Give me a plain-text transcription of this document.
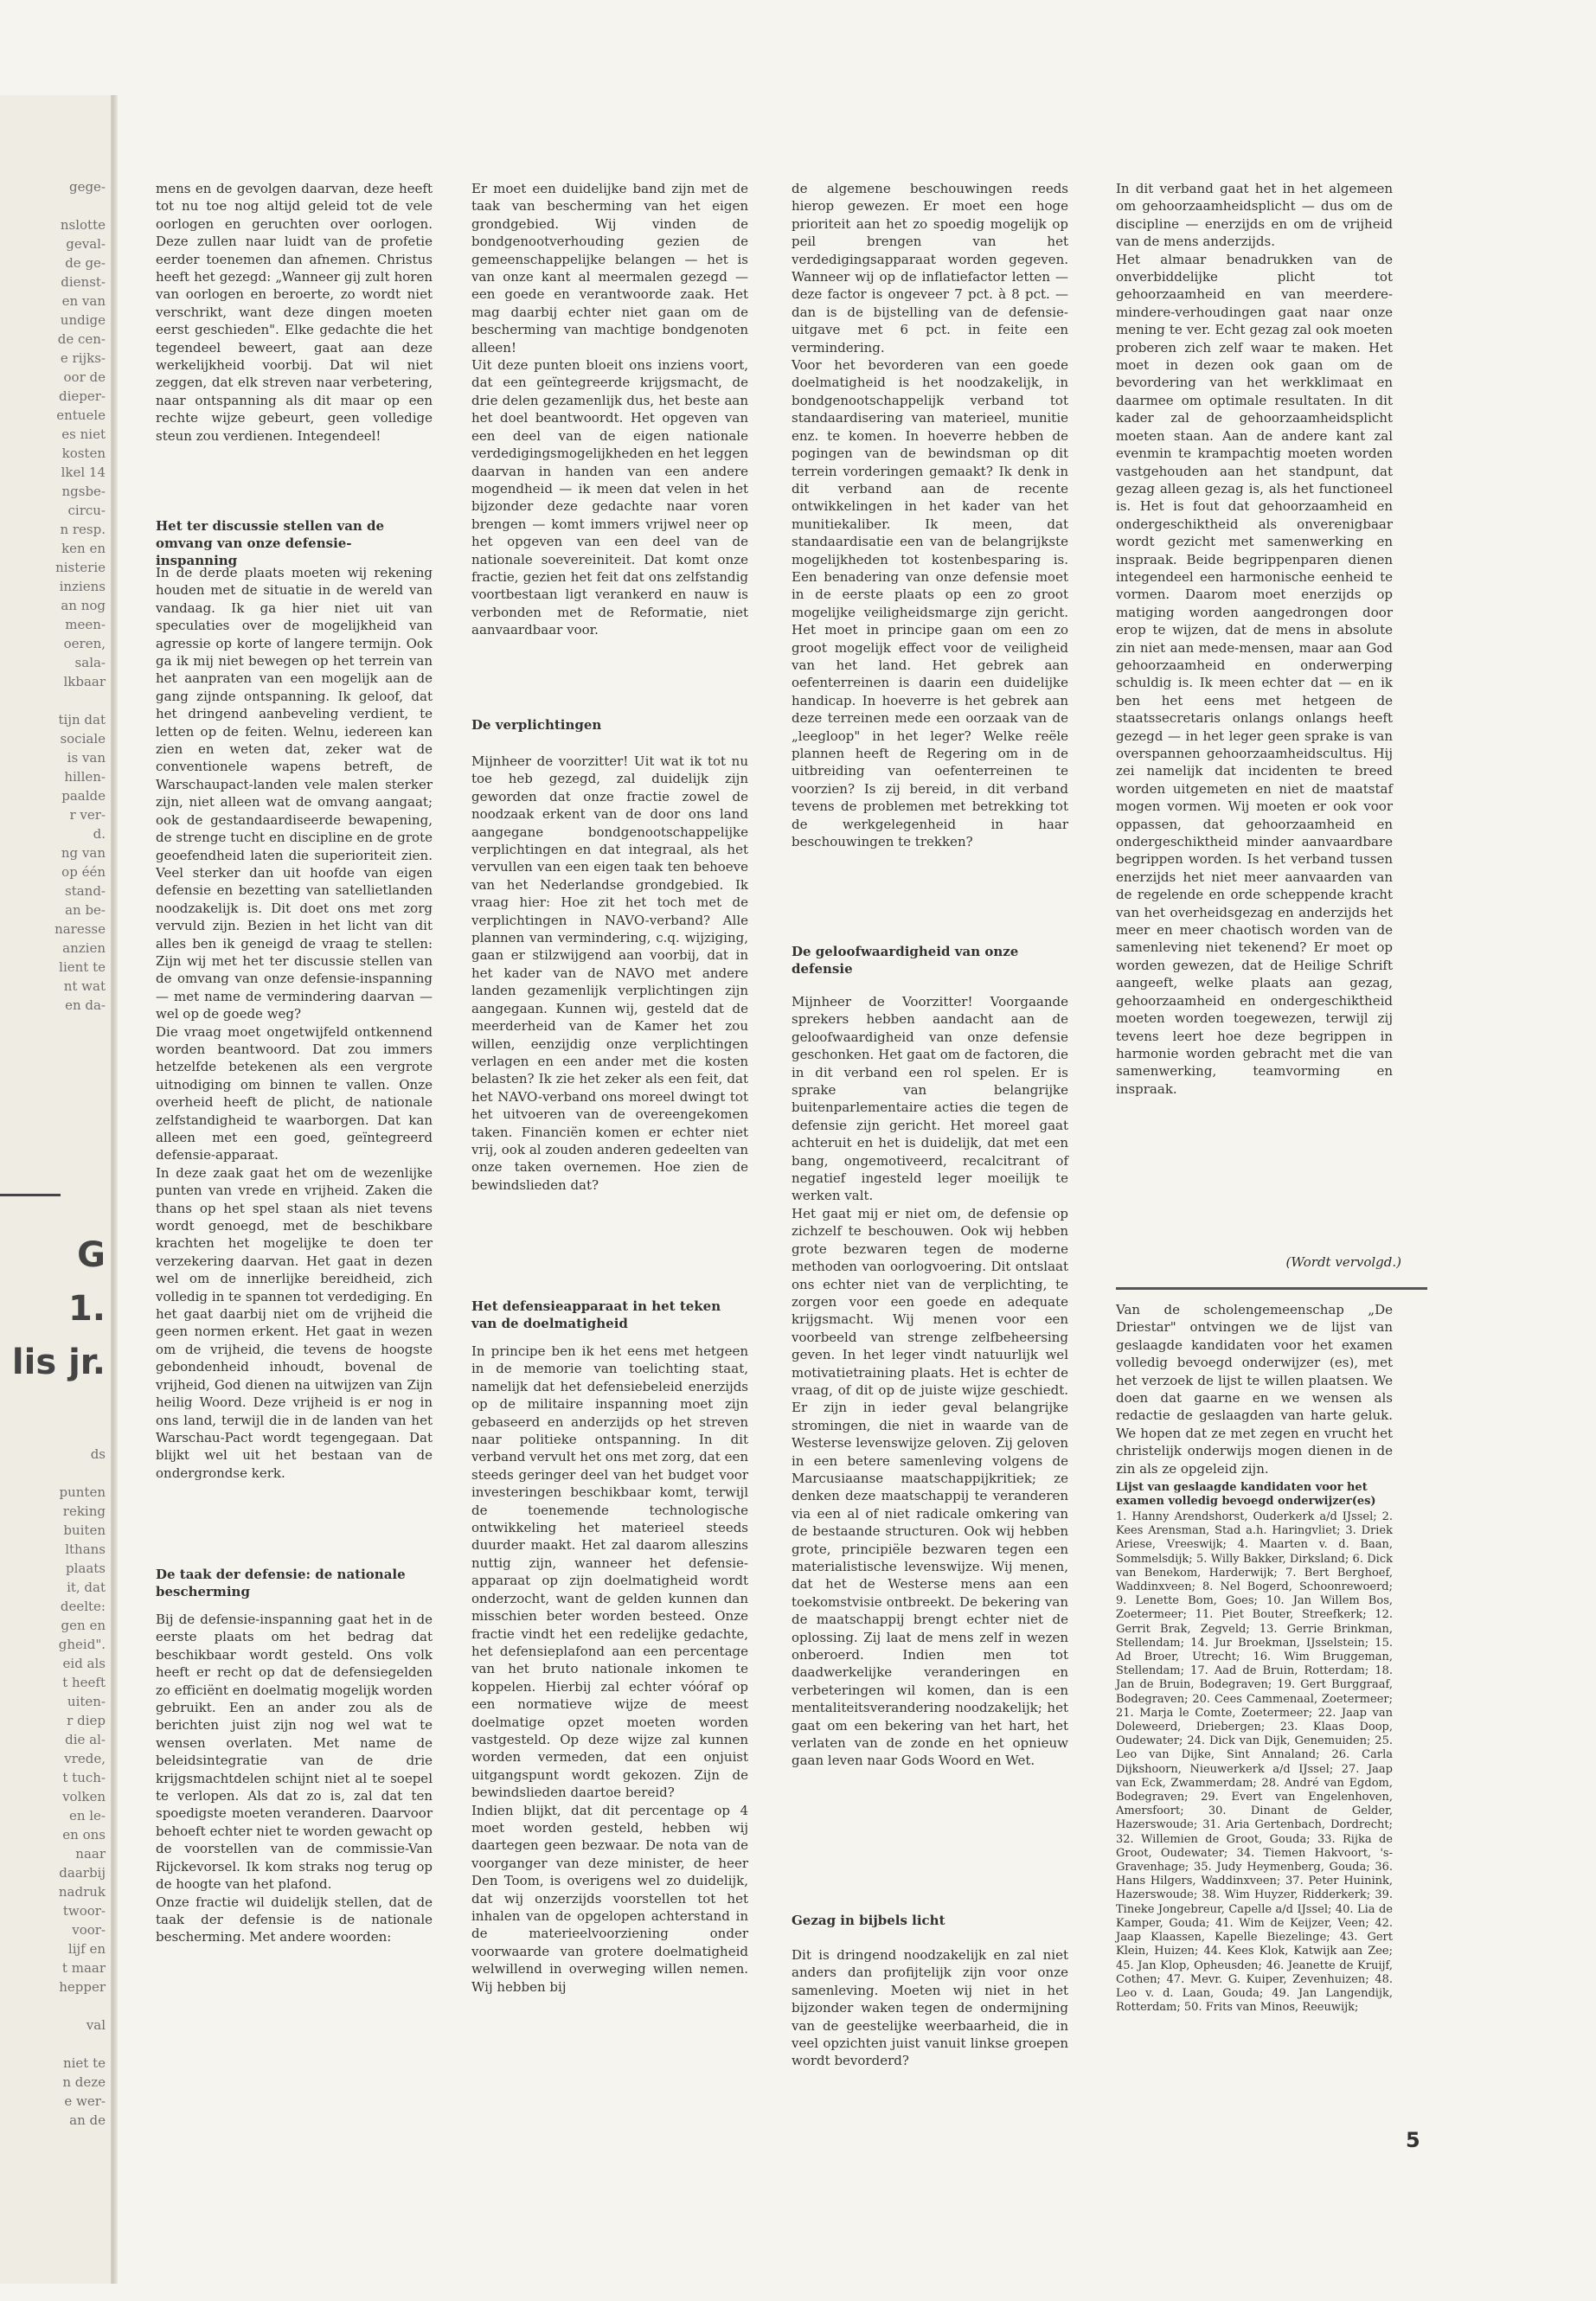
gege-

nslotte
geval-
de ge-
dienst-
en van
undige
de cen-
e rijks-
oor de
dieper-
entuele
es niet
kosten
lkel 14
ngsbe-
circu-
n resp.
ken en
nisterie
inziens
an nog
meen-
oeren,
sala-
lkbaar

tijn dat
sociale
is van
hillen-
paalde
r ver-
d.
ng van
op één
stand-
an be-
naresse
anzien
lient te
nt wat
en da-
G
1.
lis jr.
ds

punten
reking
buiten
lthans
plaats
it, dat
deelte:
gen en
gheid".
eid als
t heeft
uiten-
r diep
die al-
vrede,
t tuch-
volken
en le-
en ons
naar
daarbij
nadruk
twoor-
voor-
lijf en
t maar
hepper

val

niet te
n deze
e wer-
an de
mens en de gevolgen daarvan, deze heeft tot nu toe nog altijd geleid tot de vele oorlogen en geruchten over oorlogen. Deze zullen naar luidt van de profetie eerder toenemen dan afnemen. Christus heeft het gezegd: „Wanneer gij zult horen van oorlogen en beroerte, zo wordt niet verschrikt, want deze dingen moeten eerst geschieden". Elke gedachte die het tegendeel beweert, gaat aan deze werkelijkheid voorbij. Dat wil niet zeggen, dat elk streven naar verbetering, naar ontspanning als dit maar op een rechte wijze gebeurt, geen volledige steun zou verdienen. Integendeel!
Het ter discussie stellen van de omvang van onze defensie-inspanning
In de derde plaats moeten wij rekening houden met de situatie in de wereld van vandaag. Ik ga hier niet uit van speculaties over de mogelijkheid van agressie op korte of langere termijn. Ook ga ik mij niet bewegen op het terrein van het aanpraten van een mogelijk aan de gang zijnde ontspanning. Ik geloof, dat het dringend aanbeveling verdient, te letten op de feiten. Welnu, iedereen kan zien en weten dat, zeker wat de conventionele wapens betreft, de Warschaupact-landen vele malen sterker zijn, niet alleen wat de omvang aangaat; ook de gestandaardiseerde bewapening, de strenge tucht en discipline en de grote geoefendheid laten die superioriteit zien. Veel sterker dan uit hoofde van eigen defensie en bezetting van satellietlanden noodzakelijk is. Dit doet ons met zorg vervuld zijn. Bezien in het licht van dit alles ben ik geneigd de vraag te stellen: Zijn wij met het ter discussie stellen van de omvang van onze defensie-inspanning — met name de vermindering daarvan — wel op de goede weg?
Die vraag moet ongetwijfeld ontkennend worden beantwoord. Dat zou immers hetzelfde betekenen als een vergrote uitnodiging om binnen te vallen. Onze overheid heeft de plicht, de nationale zelfstandigheid te waarborgen. Dat kan alleen met een goed, geïntegreerd defensie-apparaat.
In deze zaak gaat het om de wezenlijke punten van vrede en vrijheid. Zaken die thans op het spel staan als niet tevens wordt genoegd, met de beschikbare krachten het mogelijke te doen ter verzekering daarvan. Het gaat in dezen wel om de innerlijke bereidheid, zich volledig in te spannen tot verdediging. En het gaat daarbij niet om de vrijheid die geen normen erkent. Het gaat in wezen om de vrijheid, die tevens de hoogste gebondenheid inhoudt, bovenal de vrijheid, God dienen na uitwijzen van Zijn heilig Woord. Deze vrijheid is er nog in ons land, terwijl die in de landen van het Warschau-Pact wordt tegengegaan. Dat blijkt wel uit het bestaan van de ondergrondse kerk.
De taak der defensie: de nationale bescherming
Bij de defensie-inspanning gaat het in de eerste plaats om het bedrag dat beschikbaar wordt gesteld. Ons volk heeft er recht op dat de defensiegelden zo efficiënt en doelmatig mogelijk worden gebruikt. Een an ander zou als de berichten juist zijn nog wel wat te wensen overlaten. Met name de beleidsintegratie van de drie krijgsmachtdelen schijnt niet al te soepel te verlopen. Als dat zo is, zal dat ten spoedigste moeten veranderen. Daarvoor behoeft echter niet te worden gewacht op de voorstellen van de commissie-Van Rijckevorsel. Ik kom straks nog terug op de hoogte van het plafond.
Onze fractie wil duidelijk stellen, dat de taak der defensie is de nationale bescherming. Met andere woorden:
Er moet een duidelijke band zijn met de taak van bescherming van het eigen grondgebied. Wij vinden de bondgenootverhouding gezien de gemeenschappelijke belangen — het is van onze kant al meermalen gezegd — een goede en verantwoorde zaak. Het mag daarbij echter niet gaan om de bescherming van machtige bondgenoten alleen!
Uit deze punten bloeit ons inziens voort, dat een geïntegreerde krijgsmacht, de drie delen gezamenlijk dus, het beste aan het doel beantwoordt. Het opgeven van een deel van de eigen nationale verdedigingsmogelijkheden en het leggen daarvan in handen van een andere mogendheid — ik meen dat velen in het bijzonder deze gedachte naar voren brengen — komt immers vrijwel neer op het opgeven van een deel van de nationale soevereiniteit. Dat komt onze fractie, gezien het feit dat ons zelfstandig voortbestaan ligt verankerd en nauw is verbonden met de Reformatie, niet aanvaardbaar voor.
De verplichtingen
Mijnheer de voorzitter! Uit wat ik tot nu toe heb gezegd, zal duidelijk zijn geworden dat onze fractie zowel de noodzaak erkent van de door ons land aangegane bondgenootschappelijke verplichtingen en dat integraal, als het vervullen van een eigen taak ten behoeve van het Nederlandse grondgebied. Ik vraag hier: Hoe zit het toch met de verplichtingen in NAVO-verband? Alle plannen van vermindering, c.q. wijziging, gaan er stilzwijgend aan voorbij, dat in het kader van de NAVO met andere landen gezamenlijk verplichtingen zijn aangegaan. Kunnen wij, gesteld dat de meerderheid van de Kamer het zou willen, eenzijdig onze verplichtingen verlagen en een ander met die kosten belasten? Ik zie het zeker als een feit, dat het NAVO-verband ons moreel dwingt tot het uitvoeren van de overeengekomen taken. Financiën komen er echter niet vrij, ook al zouden anderen gedeelten van onze taken overnemen. Hoe zien de bewindslieden dat?
Het defensieapparaat in het teken van de doelmatigheid
In principe ben ik het eens met hetgeen in de memorie van toelichting staat, namelijk dat het defensiebeleid enerzijds op de militaire inspanning moet zijn gebaseerd en anderzijds op het streven naar politieke ontspanning. In dit verband vervult het ons met zorg, dat een steeds geringer deel van het budget voor investeringen beschikbaar komt, terwijl de toenemende technologische ontwikkeling het materieel steeds duurder maakt. Het zal daarom alleszins nuttig zijn, wanneer het defensie-apparaat op zijn doelmatigheid wordt onderzocht, want de gelden kunnen dan misschien beter worden besteed. Onze fractie vindt het een redelijke gedachte, het defensieplafond aan een percentage van het bruto nationale inkomen te koppelen. Hierbij zal echter vóóraf op een normatieve wijze de meest doelmatige opzet moeten worden vastgesteld. Op deze wijze zal kunnen worden vermeden, dat een onjuist uitgangspunt wordt gekozen. Zijn de bewindslieden daartoe bereid?
Indien blijkt, dat dit percentage op 4 moet worden gesteld, hebben wij daartegen geen bezwaar. De nota van de voorganger van deze minister, de heer Den Toom, is overigens wel zo duidelijk, dat wij onzerzijds voorstellen tot het inhalen van de opgelopen achterstand in de materieelvoorziening onder voorwaarde van grotere doelmatigheid welwillend in overweging willen nemen. Wij hebben bij
de algemene beschouwingen reeds hierop gewezen. Er moet een hoge prioriteit aan het zo spoedig mogelijk op peil brengen van het verdedigingsapparaat worden gegeven. Wanneer wij op de inflatiefactor letten — deze factor is ongeveer 7 pct. à 8 pct. — dan is de bijstelling van de defensie-uitgave met 6 pct. in feite een vermindering.
Voor het bevorderen van een goede doelmatigheid is het noodzakelijk, in bondgenootschappelijk verband tot standaardisering van materieel, munitie enz. te komen. In hoeverre hebben de pogingen van de bewindsman op dit terrein vorderingen gemaakt? Ik denk in dit verband aan de recente ontwikkelingen in het kader van het munitiekaliber. Ik meen, dat standaardisatie een van de belangrijkste mogelijkheden tot kostenbesparing is. Een benadering van onze defensie moet in de eerste plaats op een zo groot mogelijke veiligheidsmarge zijn gericht. Het moet in principe gaan om een zo groot mogelijk effect voor de veiligheid van het land. Het gebrek aan oefenterreinen is daarin een duidelijke handicap. In hoeverre is het gebrek aan deze terreinen mede een oorzaak van de „leegloop" in het leger? Welke reële plannen heeft de Regering om in de uitbreiding van oefenterreinen te voorzien? Is zij bereid, in dit verband tevens de problemen met betrekking tot de werkgelegenheid in haar beschouwingen te trekken?
De geloofwaardigheid van onze defensie
Mijnheer de Voorzitter! Voorgaande sprekers hebben aandacht aan de geloofwaardigheid van onze defensie geschonken. Het gaat om de factoren, die in dit verband een rol spelen. Er is sprake van belangrijke buitenparlementaire acties die tegen de defensie zijn gericht. Het moreel gaat achteruit en het is duidelijk, dat met een bang, ongemotiveerd, recalcitrant of negatief ingesteld leger moeilijk te werken valt.
Het gaat mij er niet om, de defensie op zichzelf te beschouwen. Ook wij hebben grote bezwaren tegen de moderne methoden van oorlogvoering. Dit ontslaat ons echter niet van de verplichting, te zorgen voor een goede en adequate krijgsmacht. Wij menen voor een voorbeeld van strenge zelfbeheersing geven. In het leger vindt natuurlijk wel motivatietraining plaats. Het is echter de vraag, of dit op de juiste wijze geschiedt. Er zijn in ieder geval belangrijke stromingen, die niet in waarde van de Westerse levenswijze geloven. Zij geloven in een betere samenleving volgens de Marcusiaanse maatschappijkritiek; ze denken deze maatschappij te veranderen via een al of niet radicale omkering van de bestaande structuren. Ook wij hebben grote, principiële bezwaren tegen een materialistische levenswijze. Wij menen, dat het de Westerse mens aan een toekomstvisie ontbreekt. De bekering van de maatschappij brengt echter niet de oplossing. Zij laat de mens zelf in wezen onberoerd. Indien men tot daadwerkelijke veranderingen en verbeteringen wil komen, dan is een mentaliteitsverandering noodzakelijk; het gaat om een bekering van het hart, het verlaten van de zonde en het opnieuw gaan leven naar Gods Woord en Wet.
Gezag in bijbels licht
Dit is dringend noodzakelijk en zal niet anders dan profijtelijk zijn voor onze samenleving. Moeten wij niet in het bijzonder waken tegen de ondermijning van de geestelijke weerbaarheid, die in veel opzichten juist vanuit linkse groepen wordt bevorderd?
In dit verband gaat het in het algemeen om gehoorzaamheidsplicht — dus om de discipline — enerzijds en om de vrijheid van de mens anderzijds.
Het almaar benadrukken van de onverbiddelijke plicht tot gehoorzaamheid en van meerdere-mindere-verhoudingen gaat naar onze mening te ver. Echt gezag zal ook moeten proberen zich zelf waar te maken. Het moet in dezen ook gaan om de bevordering van het werkklimaat en daarmee om optimale resultaten. In dit kader zal de gehoorzaamheidsplicht moeten staan. Aan de andere kant zal evenmin te krampachtig moeten worden vastgehouden aan het standpunt, dat gezag alleen gezag is, als het functioneel is. Het is fout dat gehoorzaamheid en ondergeschiktheid als onverenigbaar wordt gezicht met samenwerking en inspraak. Beide begrippenparen dienen integendeel een harmonische eenheid te vormen. Daarom moet enerzijds op matiging worden aangedrongen door erop te wijzen, dat de mens in absolute zin niet aan mede-mensen, maar aan God gehoorzaamheid en onderwerping schuldig is. Ik meen echter dat — en ik ben het eens met hetgeen de staatssecretaris onlangs onlangs heeft gezegd — in het leger geen sprake is van overspannen gehoorzaamheidscultus. Hij zei namelijk dat incidenten te breed worden uitgemeten en niet de maatstaf mogen vormen. Wij moeten er ook voor oppassen, dat gehoorzaamheid en ondergeschiktheid minder aanvaardbare begrippen worden. Is het verband tussen enerzijds het niet meer aanvaarden van de regelende en orde scheppende kracht van het overheidsgezag en anderzijds het meer en meer chaotisch worden van de samenleving niet tekenend? Er moet op worden gewezen, dat de Heilige Schrift aangeeft, welke plaats aan gezag, gehoorzaamheid en ondergeschiktheid moeten worden toegewezen, terwijl zij tevens leert hoe deze begrippen in harmonie worden gebracht met die van samenwerking, teamvorming en inspraak.
(Wordt vervolgd.)
Van de scholengemeenschap „De Driestar" ontvingen we de lijst van geslaagde kandidaten voor het examen volledig bevoegd onderwijzer (es), met het verzoek de lijst te willen plaatsen. We doen dat gaarne en we wensen als redactie de geslaagden van harte geluk. We hopen dat ze met zegen en vrucht het christelijk onderwijs mogen dienen in de zin als ze opgeleid zijn.
Lijst van geslaagde kandidaten voor het examen volledig bevoegd onderwijzer(es)
1. Hanny Arendshorst, Ouderkerk a/d IJssel; 2. Kees Arensman, Stad a.h. Haringvliet; 3. Driek Ariese, Vreeswijk; 4. Maarten v. d. Baan, Sommelsdijk; 5. Willy Bakker, Dirksland; 6. Dick van Benekom, Harderwijk; 7. Bert Berghoef, Waddinxveen; 8. Nel Bogerd, Schoonrewoerd; 9. Lenette Bom, Goes; 10. Jan Willem Bos, Zoetermeer; 11. Piet Bouter, Streefkerk; 12. Gerrit Brak, Zegveld; 13. Gerrie Brinkman, Stellendam; 14. Jur Broekman, IJsselstein; 15. Ad Broer, Utrecht; 16. Wim Bruggeman, Stellendam; 17. Aad de Bruin, Rotterdam; 18. Jan de Bruin, Bodegraven; 19. Gert Burggraaf, Bodegraven; 20. Cees Cammenaal, Zoetermeer; 21. Marja le Comte, Zoetermeer; 22. Jaap van Doleweerd, Driebergen; 23. Klaas Doop, Oudewater; 24. Dick van Dijk, Genemuiden; 25. Leo van Dijke, Sint Annaland; 26. Carla Dijkshoorn, Nieuwerkerk a/d IJssel; 27. Jaap van Eck, Zwammerdam; 28. André van Egdom, Bodegraven; 29. Evert van Engelenhoven, Amersfoort; 30. Dinant de Gelder, Hazerswoude; 31. Aria Gertenbach, Dordrecht; 32. Willemien de Groot, Gouda; 33. Rijka de Groot, Oudewater; 34. Tiemen Hakvoort, 's-Gravenhage; 35. Judy Heymenberg, Gouda; 36. Hans Hilgers, Waddinxveen; 37. Peter Huinink, Hazerswoude; 38. Wim Huyzer, Ridderkerk; 39. Tineke Jongebreur, Capelle a/d IJssel; 40. Lia de Kamper, Gouda; 41. Wim de Keijzer, Veen; 42. Jaap Klaassen, Kapelle Biezelinge; 43. Gert Klein, Huizen; 44. Kees Klok, Katwijk aan Zee; 45. Jan Klop, Opheusden; 46. Jeanette de Kruijf, Cothen; 47. Mevr. G. Kuiper, Zevenhuizen; 48. Leo v. d. Laan, Gouda; 49. Jan Langendijk, Rotterdam; 50. Frits van Minos, Reeuwijk;
5
